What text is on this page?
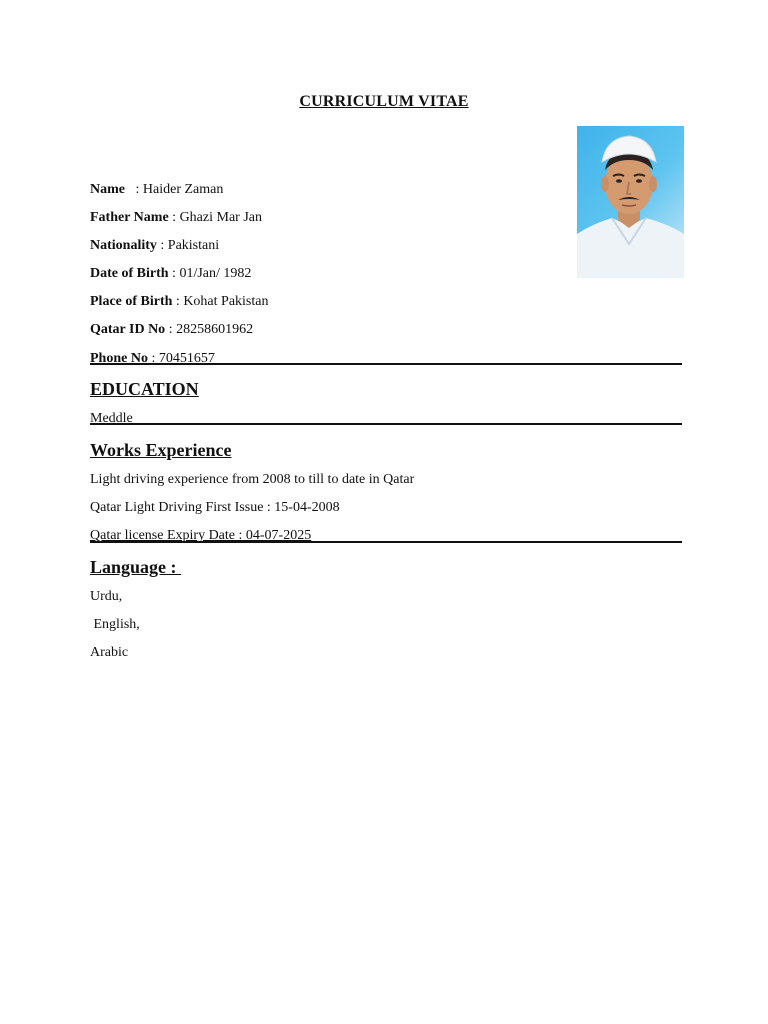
CURRICULUM VITAE
Name   : Haider Zaman
Father Name : Ghazi Mar Jan
Nationality : Pakistani
Date of Birth : 01/Jan/ 1982
Place of Birth : Kohat Pakistan
Qatar ID No : 28258601962
Phone No : 70451657
EDUCATION
Meddle
Works Experience
Light driving experience from 2008 to till to date in Qatar
Qatar Light Driving First Issue : 15-04-2008
Qatar license Expiry Date : 04-07-2025
Language :
Urdu,
English,
Arabic
